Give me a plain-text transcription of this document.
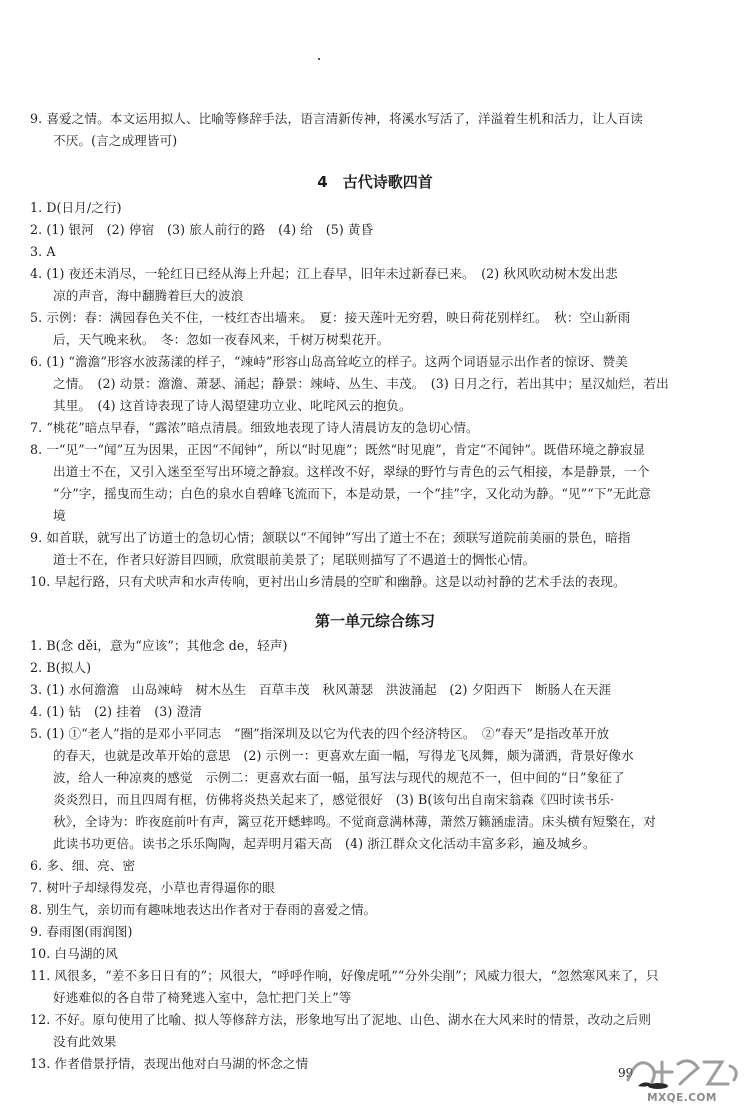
9. 喜爱之情。本文运用拟人、比喻等修辞手法，语言清新传神，将溪水写活了，洋溢着生机和活力，让人百读
不厌。(言之成理皆可)
4　古代诗歌四首
1. D(日月/之行)
2. (1) 银河　(2) 停宿　(3) 旅人前行的路　(4) 给　(5) 黄昏
3. A
4. (1) 夜还未消尽，一轮红日已经从海上升起；江上春早，旧年未过新春已来。　(2) 秋风吹动树木发出悲
凉的声音，海中翻腾着巨大的波浪
5. 示例：春：满园春色关不住，一枝红杏出墙来。　夏：接天莲叶无穷碧，映日荷花别样红。　秋：空山新雨
后，天气晚来秋。　冬：忽如一夜春风来，千树万树梨花开。
6. (1) “澹澹”形容水波荡漾的样子，“竦峙”形容山岛高耸屹立的样子。这两个词语显示出作者的惊讶、赞美
之情。　(2) 动景：澹澹、萧瑟、涌起；静景：竦峙、丛生、丰茂。　(3) 日月之行，若出其中；星汉灿烂，若出
其里。　(4) 这首诗表现了诗人渴望建功立业、叱咤风云的抱负。
7. “桃花”暗点早春，“露浓”暗点清晨。细致地表现了诗人清晨访友的急切心情。
8. 一“见”一“闻”互为因果，正因“不闻钟”，所以“时见鹿”；既然“时见鹿”，肯定“不闻钟”。既借环境之静寂显
出道士不在，又引入迷至至写出环境之静寂。这样改不好，翠绿的野竹与青色的云气相接，本是静景，一个
“分”字，摇曳而生动；白色的泉水自碧峰飞流而下，本是动景，一个“挂”字，又化动为静。“见”“下”无此意
境
9. 如首联，就写出了访道士的急切心情；颔联以“不闻钟”写出了道士不在；颈联写道院前美丽的景色，暗指
道士不在，作者只好游目四顾，欣赏眼前美景了；尾联则描写了不遇道士的惆怅心情。
10. 早起行路，只有犬吠声和水声传响，更衬出山乡清晨的空旷和幽静。这是以动衬静的艺术手法的表现。
第一单元综合练习
1. B(念 děi，意为“应该”；其他念 de，轻声)
2. B(拟人)
3. (1) 水何澹澹　山岛竦峙　树木丛生　百草丰茂　秋风萧瑟　洪波涌起　(2) 夕阳西下　断肠人在天涯
4. (1) 钻　(2) 挂着　(3) 澄清
5. (1) ①“老人”指的是邓小平同志　“圈”指深圳及以它为代表的四个经济特区。　②“春天”是指改革开放
的春天，也就是改革开始的意思　(2) 示例一：更喜欢左面一幅，写得龙飞凤舞，颇为潇洒，背景好像水
波，给人一种凉爽的感觉　示例二：更喜欢右面一幅，虽写法与现代的规范不一，但中间的“日”象征了
炎炎烈日，而且四周有框，仿佛将炎热关起来了，感觉很好　(3) B(该句出自南宋翁森《四时读书乐·
秋》，全诗为：昨夜庭前叶有声，篱豆花开蟋蟀鸣。不觉商意满林薄，萧然万籁涵虚清。床头横有短檠在，对
此读书功更倍。读书之乐乐陶陶，起弄明月霜天高　(4) 浙江群众文化活动丰富多彩，遍及城乡。
6. 多、细、亮、密
7. 树叶子却绿得发亮，小草也青得逼你的眼
8. 别生气，亲切而有趣味地表达出作者对于春雨的喜爱之情。
9. 春雨图(雨润图)
10. 白马湖的风
11. 风很多，“差不多日日有的”；风很大，“呼呼作响，好像虎吼”“分外尖削”；风威力很大，“忽然寒风来了，只
好逃难似的各自带了椅凳逃入室中，急忙把门关上”等
12. 不好。原句使用了比喻、拟人等修辞方法，形象地写出了泥地、山色、湖水在大风来时的情景，改动之后则
没有此效果
13. 作者借景抒情，表现出他对白马湖的怀念之情
99
MXQE.COM
